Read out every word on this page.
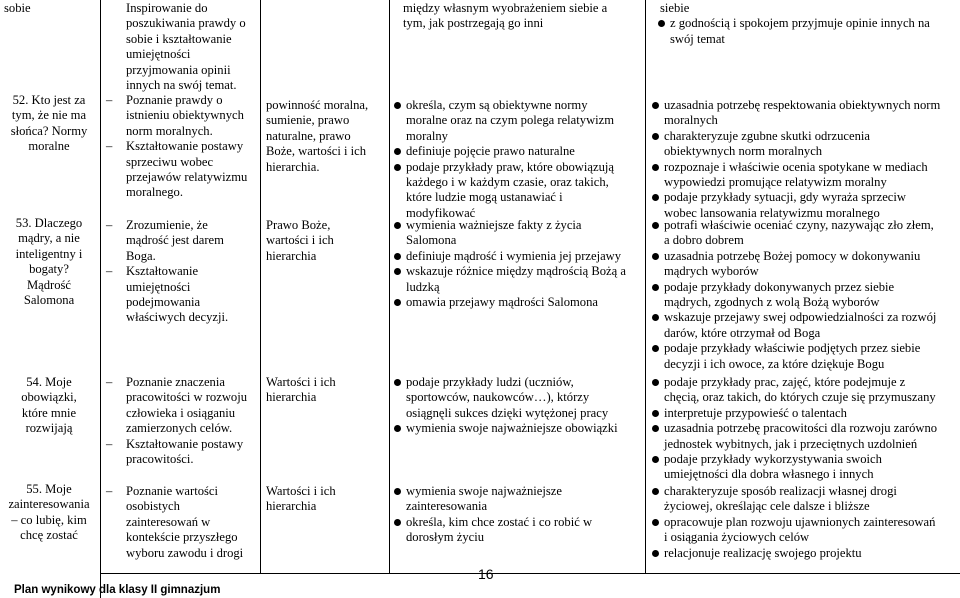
sobie	Inspirowanie do
poszukiwania prawdy o
sobie i kształtowanie
umiejętności
przyjmowania opinii
innych na swój temat.
między własnym wyobrażeniem siebie a
tym, jak postrzegają go inni
siebie
z godnością i spokojem przyjmuje opinie innych na
swój temat
52. Kto jest za
tym, że nie ma
słońca? Normy
moralne
– Poznanie prawdy o
istnieniu obiektywnych
norm moralnych.
– Kształtowanie postawy
sprzeciwu wobec
przejawów relatywizmu
moralnego.
powinność moralna,
sumienie, prawo
naturalne, prawo
Boże, wartości i ich
hierarchia.
określa, czym są obiektywne normy
moralne oraz na czym polega relatywizm
moralny
definiuje pojęcie prawo naturalne
podaje przykłady praw, które obowiązują
każdego i w każdym czasie, oraz takich,
które ludzie mogą ustanawiać i
modyfikować
uzasadnia potrzebę respektowania obiektywnych norm
moralnych
charakteryzuje zgubne skutki odrzucenia
obiektywnych norm moralnych
rozpoznaje i właściwie ocenia spotykane w mediach
wypowiedzi promujące relatywizm moralny
podaje przykłady sytuacji, gdy wyraża sprzeciw
wobec lansowania relatywizmu moralnego
53. Dlaczego
mądry, a nie
inteligentny i
bogaty?
Mądrość
Salomona
– Zrozumienie, że
mądrość jest darem
Boga.
– Kształtowanie
umiejętności
podejmowania
właściwych decyzji.
Prawo Boże,
wartości i ich
hierarchia
wymienia ważniejsze fakty z życia
Salomona
definiuje mądrość i wymienia jej przejawy
wskazuje różnice między mądrością Bożą a
ludzką
omawia przejawy mądrości Salomona
potrafi właściwie oceniać czyny, nazywając zło złem,
a dobro dobrem
uzasadnia potrzebę Bożej pomocy w dokonywaniu
mądrych wyborów
podaje przykłady dokonywanych przez siebie
mądrych, zgodnych z wolą Bożą wyborów
wskazuje przejawy swej odpowiedzialności za rozwój
darów, które otrzymał od Boga
podaje przykłady właściwie podjętych przez siebie
decyzji i ich owoce, za które dziękuje Bogu
54. Moje
obowiązki,
które mnie
rozwijają
– Poznanie znaczenia
pracowitości w rozwoju
człowieka i osiąganiu
zamierzonych celów.
– Kształtowanie postawy
pracowitości.
Wartości i ich
hierarchia
podaje przykłady ludzi (uczniów,
sportowców, naukowców…), którzy
osiągnęli sukces dzięki wytężonej pracy
wymienia swoje najważniejsze obowiązki
podaje przykłady prac, zajęć, które podejmuje z
chęcią, oraz takich, do których czuje się przymuszany
interpretuje przypowieść o talentach
uzasadnia potrzebę pracowitości dla rozwoju zarówno
jednostek wybitnych, jak i przeciętnych uzdolnień
podaje przykłady wykorzystywania swoich
umiejętności dla dobra własnego i innych
55. Moje
zainteresowania
– co lubię, kim
chcę zostać
– Poznanie wartości
osobistych
zainteresowań w
kontekście przyszłego
wyboru zawodu i drogi
Wartości i ich
hierarchia
wymienia swoje najważniejsze
zainteresowania
określa, kim chce zostać i co robić w
dorosłym życiu
charakteryzuje sposób realizacji własnej drogi
życiowej, określając cele dalsze i bliższe
opracowuje plan rozwoju ujawnionych zainteresowań
i osiągania życiowych celów
relacjonuje realizację swojego projektu
16
Plan wynikowy dla klasy II gimnazjum
